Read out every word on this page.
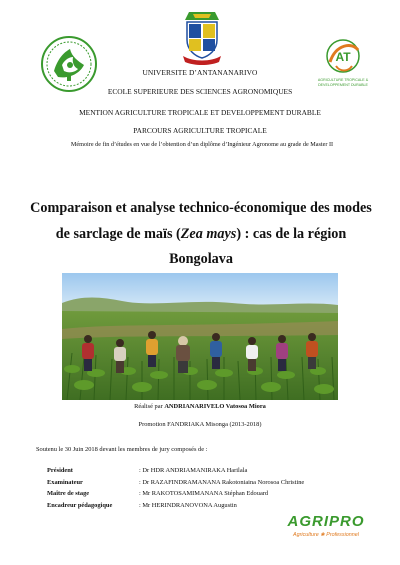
AT
AGRICULTURE TROPICALE &
DEVELOPPEMENT DURABLE
UNIVERSITE D’ANTANANARIVO
ECOLE SUPERIEURE DES SCIENCES AGRONOMIQUES
MENTION AGRICULTURE TROPICALE ET DEVELOPPEMENT DURABLE
PARCOURS AGRICULTURE TROPICALE
Mémoire de fin d’études en vue de l’obtention d’un diplôme d’Ingénieur Agronome au grade de Master II
Comparaison et analyse technico-économique des modes de sarclage de maïs (Zea mays) : cas de la région Bongolava
Réalisé par ANDRIANARIVELO Vatosoa Miora
Promotion FANDRIAKA Misonga (2013-2018)
Soutenu le 30 Juin 2018 devant les membres de jury composés de :
Président	: Dr HDR ANDRIAMANIRAKA Harilala
Examinateur	: Dr RAZAFINDRAMANANA Rakotoniaina Norosoa Christine
Maître de stage	: Mr RAKOTOSAMIMANANA Stéphan Edouard
Encadreur pédagogique	: Mr HERINDRANOVONA Augustin
AGRIPRO
Agriculture ❀ Professionnel
